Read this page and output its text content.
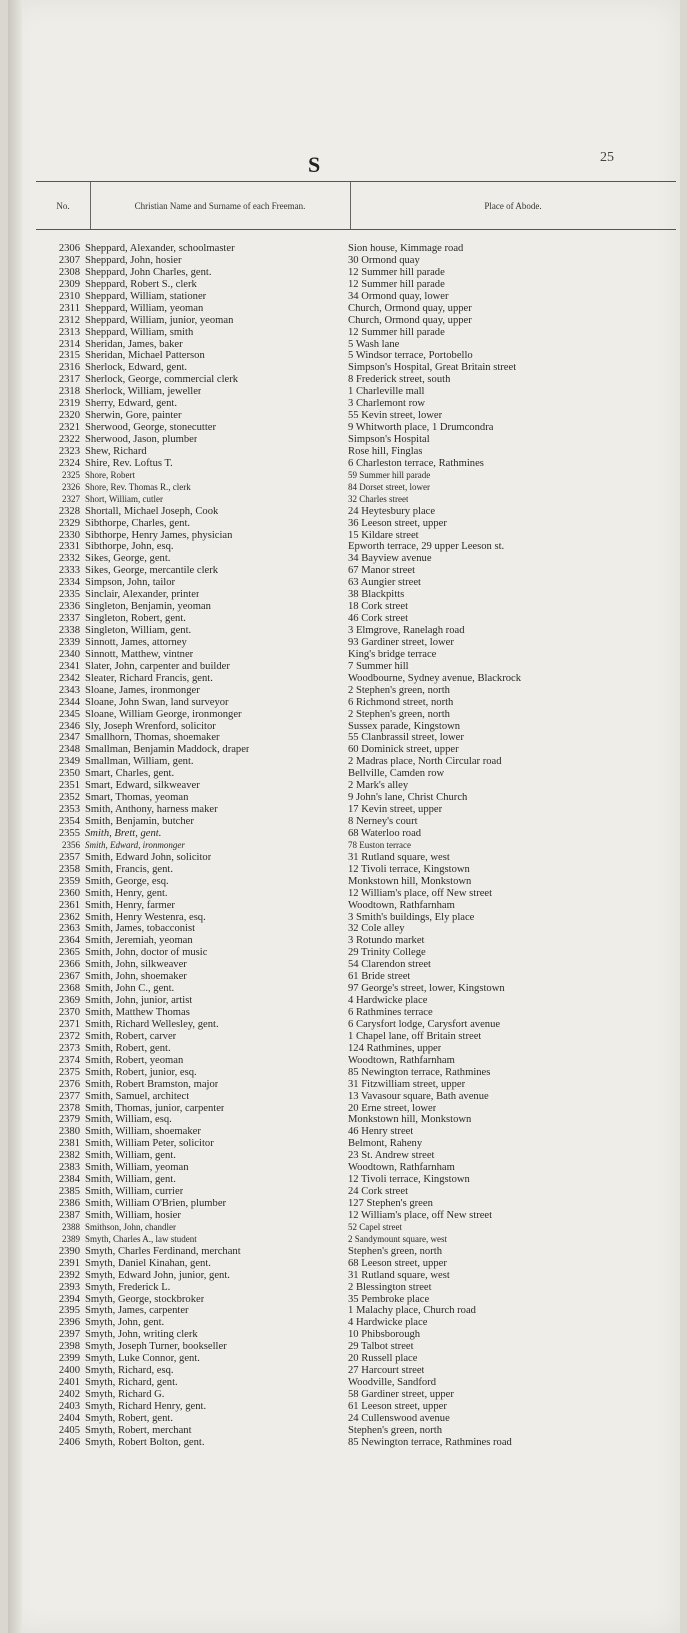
S	25
No.	Christian Name and Surname of each Freeman.	Place of Abode.
2306 Sheppard, Alexander, schoolmaster	Sion house, Kimmage road
2307 Sheppard, John, hosier	30 Ormond quay
2308 Sheppard, John Charles, gent.	12 Summer hill parade
2309 Sheppard, Robert S., clerk	12 Summer hill parade
2310 Sheppard, William, stationer	34 Ormond quay, lower
2311 Sheppard, William, yeoman	Church, Ormond quay, upper
2312 Sheppard, William, junior, yeoman	Church, Ormond quay, upper
2313 Sheppard, William, smith	12 Summer hill parade
2314 Sheridan, James, baker	5 Wash lane
2315 Sheridan, Michael Patterson	5 Windsor terrace, Portobello
2316 Sherlock, Edward, gent.	Simpson's Hospital, Great Britain street
2317 Sherlock, George, commercial clerk	8 Frederick street, south
2318 Sherlock, William, jeweller	1 Charleville mall
2319 Sherry, Edward, gent.	3 Charlemont row
2320 Sherwin, Gore, painter	55 Kevin street, lower
2321 Sherwood, George, stonecutter	9 Whitworth place, 1 Drumcondra
2322 Sherwood, Jason, plumber	Simpson's Hospital
2323 Shew, Richard	Rose hill, Finglas
2324 Shire, Rev. Loftus T.	6 Charleston terrace, Rathmines
2325 Shore, Robert	59 Summer hill parade
2326 Shore, Rev. Thomas R., clerk	84 Dorset street, lower
2327 Short, William, cutler	32 Charles street
2328 Shortall, Michael Joseph, Cook	24 Heytesbury place
2329 Sibthorpe, Charles, gent.	36 Leeson street, upper
2330 Sibthorpe, Henry James, physician	15 Kildare street
2331 Sibthorpe, John, esq.	Epworth terrace, 29 upper Leeson st.
2332 Sikes, George, gent.	34 Bayview avenue
2333 Sikes, George, mercantile clerk	67 Manor street
2334 Simpson, John, tailor	63 Aungier street
2335 Sinclair, Alexander, printer	38 Blackpitts
2336 Singleton, Benjamin, yeoman	18 Cork street
2337 Singleton, Robert, gent.	46 Cork street
2338 Singleton, William, gent.	3 Elmgrove, Ranelagh road
2339 Sinnott, James, attorney	93 Gardiner street, lower
2340 Sinnott, Matthew, vintner	King's bridge terrace
2341 Slater, John, carpenter and builder	7 Summer hill
2342 Sleater, Richard Francis, gent.	Woodbourne, Sydney avenue, Blackrock
2343 Sloane, James, ironmonger	2 Stephen's green, north
2344 Sloane, John Swan, land surveyor	6 Richmond street, north
2345 Sloane, William George, ironmonger	2 Stephen's green, north
2346 Sly, Joseph Wrenford, solicitor	Sussex parade, Kingstown
2347 Smallhorn, Thomas, shoemaker	55 Clanbrassil street, lower
2348 Smallman, Benjamin Maddock, draper	60 Dominick street, upper
2349 Smallman, William, gent.	2 Madras place, North Circular road
2350 Smart, Charles, gent.	Bellville, Camden row
2351 Smart, Edward, silkweaver	2 Mark's alley
2352 Smart, Thomas, yeoman	9 John's lane, Christ Church
2353 Smith, Anthony, harness maker	17 Kevin street, upper
2354 Smith, Benjamin, butcher	8 Nerney's court
2355 Smith, Brett, gent.	68 Waterloo road
2356 Smith, Edward, ironmonger	78 Euston terrace
2357 Smith, Edward John, solicitor	31 Rutland square, west
2358 Smith, Francis, gent.	12 Tivoli terrace, Kingstown
2359 Smith, George, esq.	Monkstown hill, Monkstown
2360 Smith, Henry, gent.	12 William's place, off New street
2361 Smith, Henry, farmer	Woodtown, Rathfarnham
2362 Smith, Henry Westenra, esq.	3 Smith's buildings, Ely place
2363 Smith, James, tobacconist	32 Cole alley
2364 Smith, Jeremiah, yeoman	3 Rotundo market
2365 Smith, John, doctor of music	29 Trinity College
2366 Smith, John, silkweaver	54 Clarendon street
2367 Smith, John, shoemaker	61 Bride street
2368 Smith, John C., gent.	97 George's street, lower, Kingstown
2369 Smith, John, junior, artist	4 Hardwicke place
2370 Smith, Matthew Thomas	6 Rathmines terrace
2371 Smith, Richard Wellesley, gent.	6 Carysfort lodge, Carysfort avenue
2372 Smith, Robert, carver	1 Chapel lane, off Britain street
2373 Smith, Robert, gent.	124 Rathmines, upper
2374 Smith, Robert, yeoman	Woodtown, Rathfarnham
2375 Smith, Robert, junior, esq.	85 Newington terrace, Rathmines
2376 Smith, Robert Bramston, major	31 Fitzwilliam street, upper
2377 Smith, Samuel, architect	13 Vavasour square, Bath avenue
2378 Smith, Thomas, junior, carpenter	20 Erne street, lower
2379 Smith, William, esq.	Monkstown hill, Monkstown
2380 Smith, William, shoemaker	46 Henry street
2381 Smith, William Peter, solicitor	Belmont, Raheny
2382 Smith, William, gent.	23 St. Andrew street
2383 Smith, William, yeoman	Woodtown, Rathfarnham
2384 Smith, William, gent.	12 Tivoli terrace, Kingstown
2385 Smith, William, currier	24 Cork street
2386 Smith, William O'Brien, plumber	127 Stephen's green
2387 Smith, William, hosier	12 William's place, off New street
2388 Smithson, John, chandler	52 Capel street
2389 Smyth, Charles A., law student	2 Sandymount square, west
2390 Smyth, Charles Ferdinand, merchant	Stephen's green, north
2391 Smyth, Daniel Kinahan, gent.	68 Leeson street, upper
2392 Smyth, Edward John, junior, gent.	31 Rutland square, west
2393 Smyth, Frederick L.	2 Blessington street
2394 Smyth, George, stockbroker	35 Pembroke place
2395 Smyth, James, carpenter	1 Malachy place, Church road
2396 Smyth, John, gent.	4 Hardwicke place
2397 Smyth, John, writing clerk	10 Phibsborough
2398 Smyth, Joseph Turner, bookseller	29 Talbot street
2399 Smyth, Luke Connor, gent.	20 Russell place
2400 Smyth, Richard, esq.	27 Harcourt street
2401 Smyth, Richard, gent.	Woodville, Sandford
2402 Smyth, Richard G.	58 Gardiner street, upper
2403 Smyth, Richard Henry, gent.	61 Leeson street, upper
2404 Smyth, Robert, gent.	24 Cullenswood avenue
2405 Smyth, Robert, merchant	Stephen's green, north
2406 Smyth, Robert Bolton, gent.	85 Newington terrace, Rathmines road
